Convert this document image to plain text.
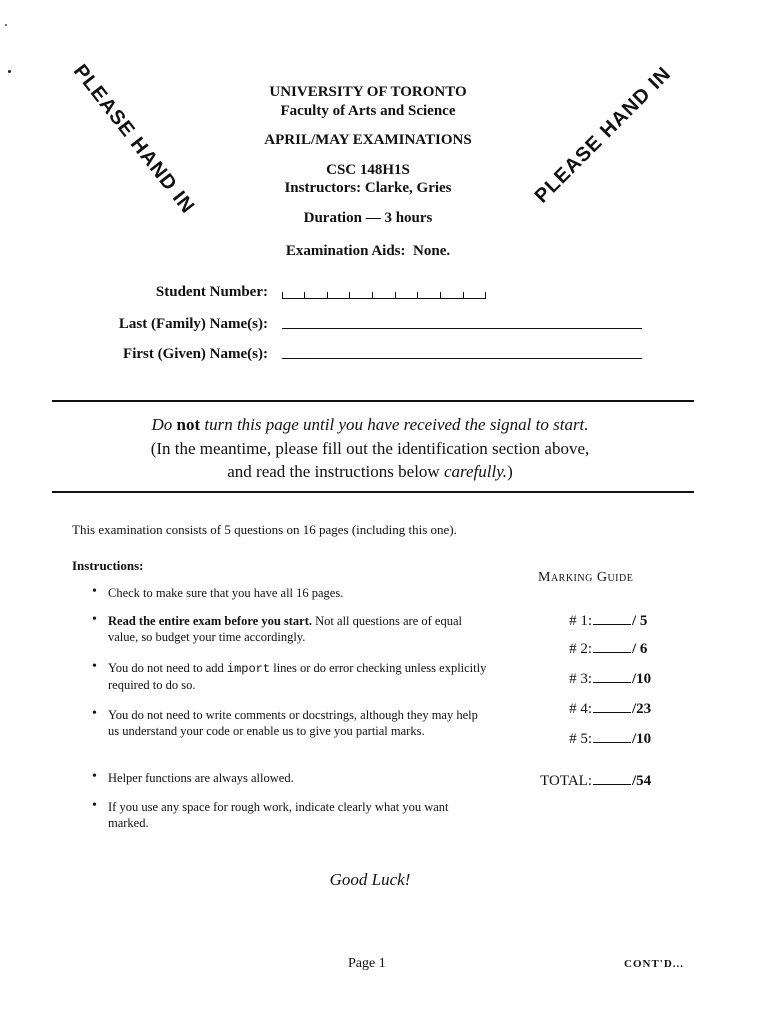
PLEASE HAND IN	PLEASE HAND IN
UNIVERSITY OF TORONTO
Faculty of Arts and Science
APRIL/MAY EXAMINATIONS
CSC 148H1S
Instructors: Clarke, Gries
Duration — 3 hours
Examination Aids: None.
Student Number:
Last (Family) Name(s):
First (Given) Name(s):
Do not turn this page until you have received the signal to start.
(In the meantime, please fill out the identification section above,
and read the instructions below carefully.)
This examination consists of 5 questions on 16 pages (including this one).
Instructions:
• Check to make sure that you have all 16 pages.
• Read the entire exam before you start. Not all questions are of equal value, so budget your time accordingly.
• You do not need to add import lines or do error checking unless explicitly required to do so.
• You do not need to write comments or docstrings, although they may help us understand your code or enable us to give you partial marks.
• Helper functions are always allowed.
• If you use any space for rough work, indicate clearly what you want marked.
Marking Guide
# 1:	/ 5
# 2:	/ 6
# 3:	/10
# 4:	/23
# 5:	/10
TOTAL:	/54
Good Luck!
Page 1	CONT'D...
